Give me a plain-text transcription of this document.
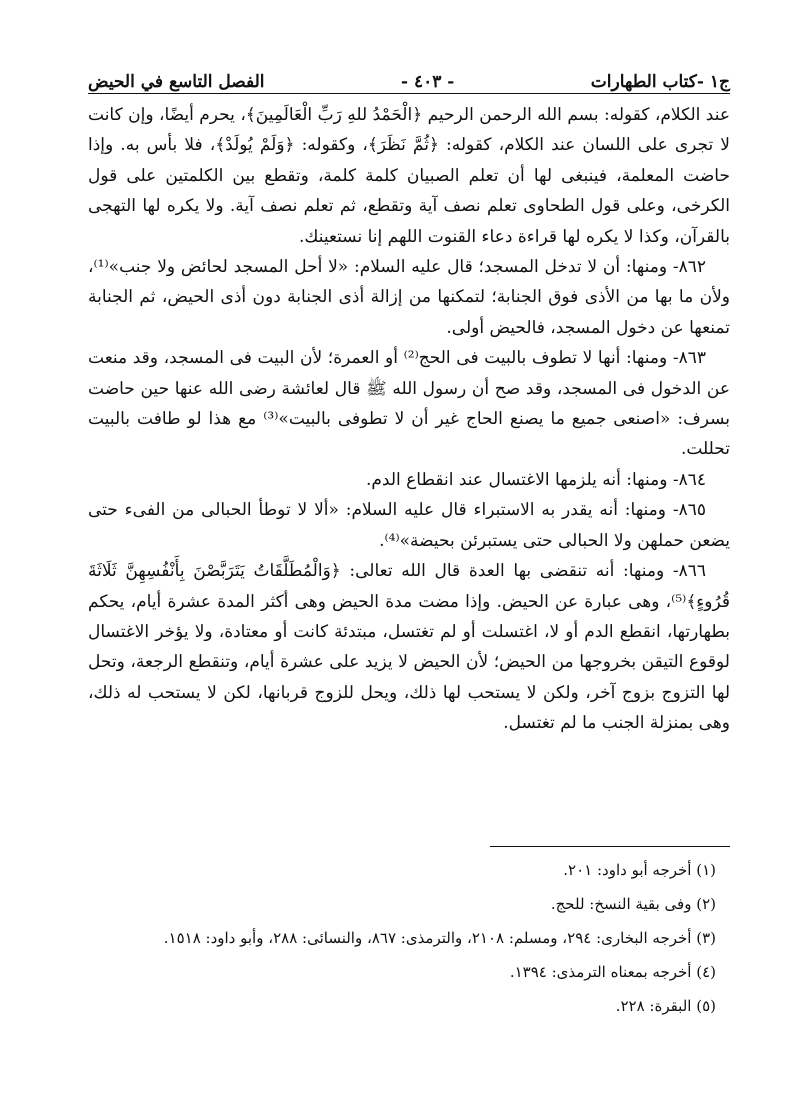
ج١ -كتاب الطهارات
- ٤٠٣ -
الفصل التاسع في الحيض

عند الكلام، كقوله: بسم الله الرحمن الرحيم ﴿الْحَمْدُ للهِ رَبِّ الْعَالَمِينَ﴾، يحرم أيضًا، وإن كانت لا تجرى على اللسان عند الكلام، كقوله: ﴿ثُمَّ نَظَرَ﴾، وكقوله: ﴿وَلَمْ يُولَدْ﴾، فلا بأس به. وإذا حاضت المعلمة، فينبغى لها أن تعلم الصبيان كلمة كلمة، وتقطع بين الكلمتين على قول الكرخى، وعلى قول الطحاوى تعلم نصف آية وتقطع، ثم تعلم نصف آية. ولا يكره لها التهجى بالقرآن، وكذا لا يكره لها قراءة دعاء القنوت اللهم إنا نستعينك.

٨٦٢- ومنها: أن لا تدخل المسجد؛ قال عليه السلام: «لا أحل المسجد لحائض ولا جنب»⁽¹⁾، ولأن ما بها من الأذى فوق الجنابة؛ لتمكنها من إزالة أذى الجنابة دون أذى الحيض، ثم الجنابة تمنعها عن دخول المسجد، فالحيض أولى.

٨٦٣- ومنها: أنها لا تطوف بالبيت فى الحج⁽²⁾ أو العمرة؛ لأن البيت فى المسجد، وقد منعت عن الدخول فى المسجد، وقد صح أن رسول الله ﷺ قال لعائشة رضى الله عنها حين حاضت بسرف: «اصنعى جميع ما يصنع الحاج غير أن لا تطوفى بالبيت»⁽³⁾ مع هذا لو طافت بالبيت تحللت.

٨٦٤- ومنها: أنه يلزمها الاغتسال عند انقطاع الدم.

٨٦٥- ومنها: أنه يقدر به الاستبراء قال عليه السلام: «ألا لا توطأ الحبالى من الفىء حتى يضعن حملهن ولا الحبالى حتى يستبرئن بحيضة»⁽⁴⁾.

٨٦٦- ومنها: أنه تنقضى بها العدة قال الله تعالى: ﴿وَالْمُطَلَّقَاتُ يَتَرَبَّصْنَ بِأَنْفُسِهِنَّ ثَلَاثَةَ قُرُوءٍ﴾⁽⁵⁾، وهى عبارة عن الحيض. وإذا مضت مدة الحيض وهى أكثر المدة عشرة أيام، يحكم بطهارتها، انقطع الدم أو لا، اغتسلت أو لم تغتسل، مبتدئة كانت أو معتادة، ولا يؤخر الاغتسال لوقوع التيقن بخروجها من الحيض؛ لأن الحيض لا يزيد على عشرة أيام، وتنقطع الرجعة، وتحل لها التزوج بزوج آخر، ولكن لا يستحب لها ذلك، ويحل للزوج قربانها، لكن لا يستحب له ذلك، وهى بمنزلة الجنب ما لم تغتسل.

(١) أخرجه أبو داود: ٢٠١.

(٢) وفى بقية النسخ: للحج.

(٣) أخرجه البخارى: ٢٩٤، ومسلم: ٢١٠٨، والترمذى: ٨٦٧، والنسائى: ٢٨٨، وأبو داود: ١٥١٨.

(٤) أخرجه بمعناه الترمذى: ١٣٩٤.

(٥) البقرة: ٢٢٨.
